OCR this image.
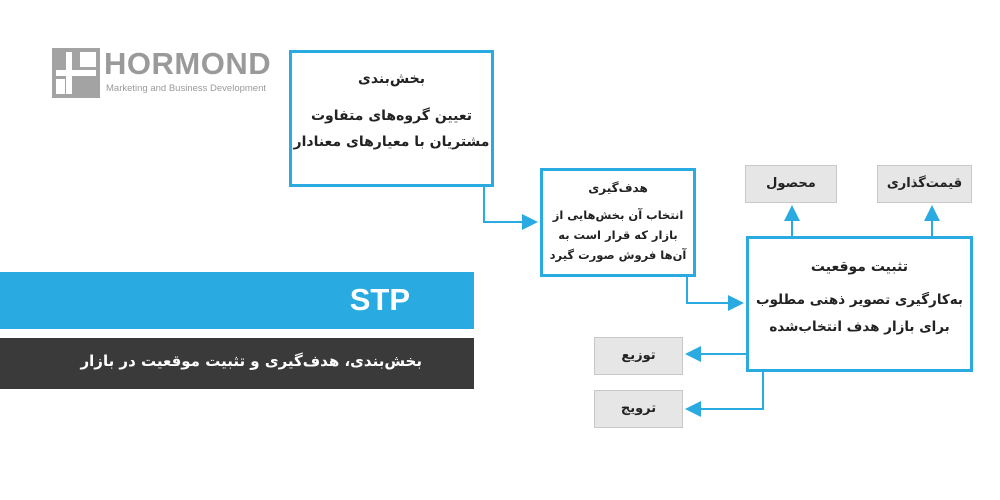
HORMOND
Marketing and Business Development
STP
بخش‌بندی، هدف‌گیری و تثبیت موقعیت در بازار
بخش‌بندی
تعیین گروه‌های متفاوت
مشتریان با معیارهای معنادار
هدف‌گیری
انتخاب آن بخش‌هایی از
بازار که قرار است به
آن‌ها فروش صورت گیرد
تثبیت موقعیت
به‌کارگیری تصویر ذهنی مطلوب
برای بازار هدف انتخاب‌شده
محصول	قیمت‌گذاری
توزیع
ترویج
